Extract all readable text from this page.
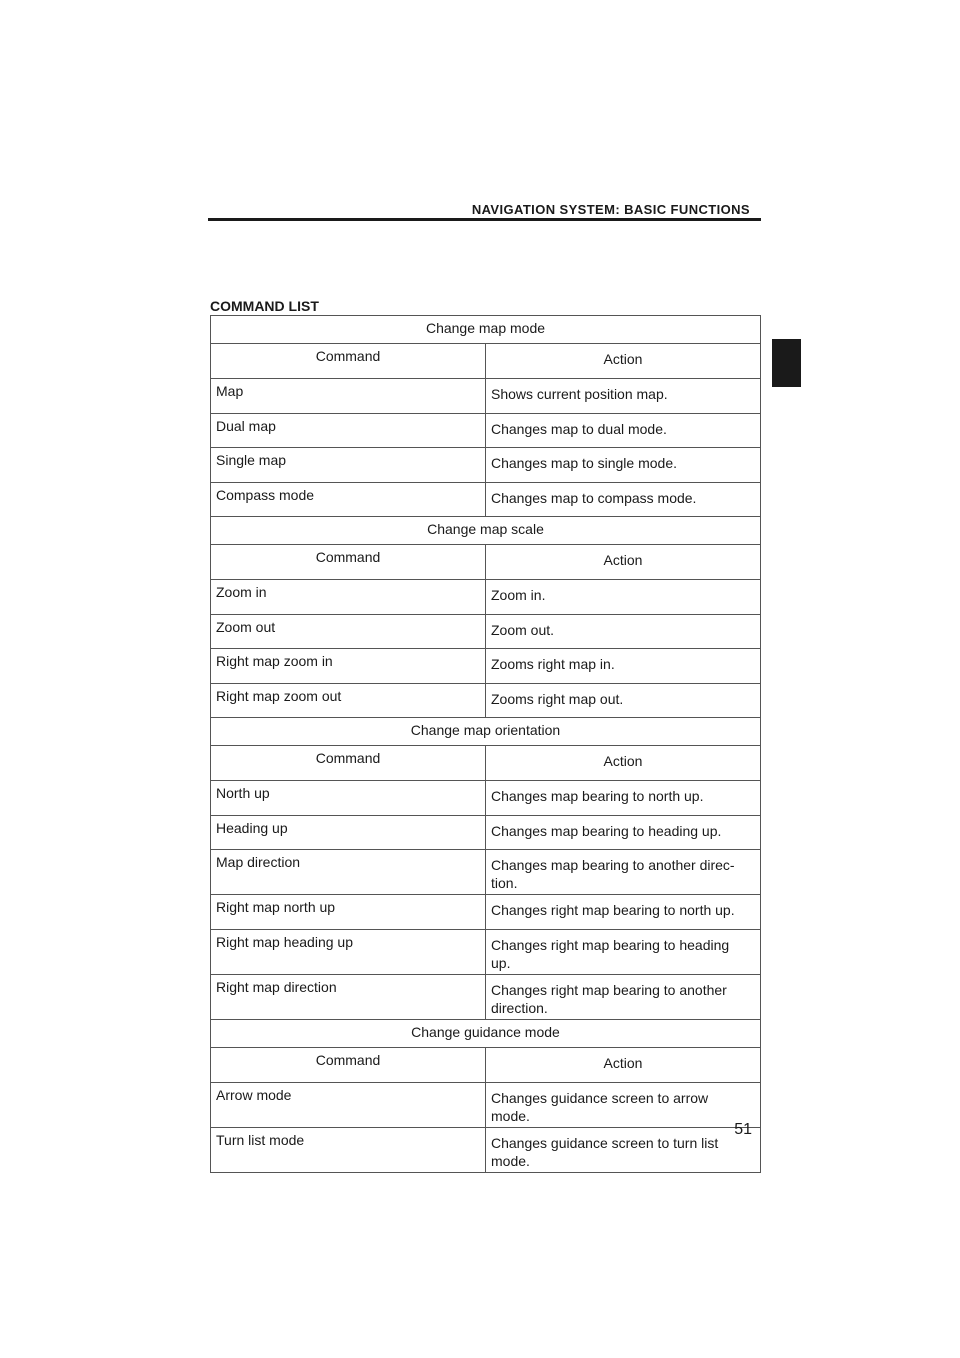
NAVIGATION SYSTEM: BASIC FUNCTIONS
COMMAND LIST
Change map mode	
Command	Action
Map	Shows current position map.
Dual map	Changes map to dual mode.
Single map	Changes map to single mode.
Compass mode	Changes map to compass mode.
Change map scale	
Command	Action
Zoom in	Zoom in.
Zoom out	Zoom out.
Right map zoom in	Zooms right map in.
Right map zoom out	Zooms right map out.
Change map orientation	
Command	Action
North up	Changes map bearing to north up.
Heading up	Changes map bearing to heading up.
Map direction	Changes map bearing to another direc-
tion.
Right map north up	Changes right map bearing to north up.
Right map heading up	Changes right map bearing to heading
up.
Right map direction	Changes right map bearing to another
direction.
Change guidance mode	
Command	Action
Arrow mode	Changes guidance screen to arrow
mode.
Turn list mode	Changes guidance screen to turn list
mode.
51
